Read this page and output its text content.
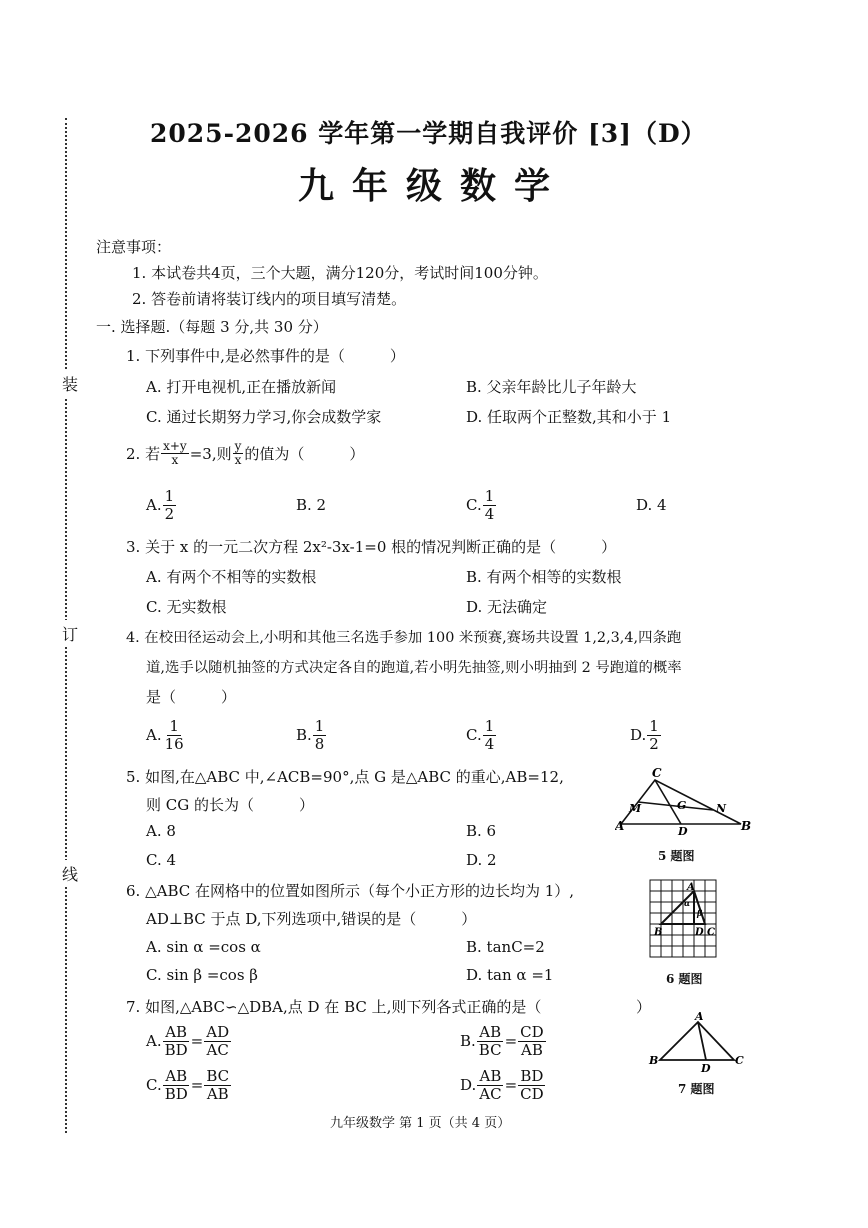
装
订
线
2025-2026 学年第一学期自我评价 [3]（D）
九年级数学
注意事项：
1. 本试卷共4页，三个大题，满分120分，考试时间100分钟。
2. 答卷前请将装订线内的项目填写清楚。
一. 选择题.（每题 3 分,共 30 分）
1. 下列事件中,是必然事件的是（　　　）
A. 打开电视机,正在播放新闻	B. 父亲年龄比儿子年龄大
C. 通过长期努力学习,你会成数学家	D. 任取两个正整数,其和小于 1
2. 若 $\frac{x+y}{x} =3$,则 $\frac{y}{x}$ 的值为（　　　）
A. $\frac{1}{2}$	B. 2	C. $\frac{1}{4}$	D. 4
3. 关于 x 的一元二次方程 2x²-3x-1=0 根的情况判断正确的是（　　　）
A. 有两个不相等的实数根	B. 有两个相等的实数根
C. 无实数根	D. 无法确定
4. 在校田径运动会上,小明和其他三名选手参加 100 米预赛,赛场共设置 1,2,3,4,四条跑
道,选手以随机抽签的方式决定各自的跑道,若小明先抽签,则小明抽到 2 号跑道的概率
是（　　　）
A. $\frac{1}{16}$	B. $\frac{1}{8}$	C. $\frac{1}{4}$	D. $\frac{1}{2}$
5. 如图,在△ABC 中,∠ACB=90°,点 G 是△ABC 的重心,AB=12,
则 CG 的长为（　　　）
A. 8	B. 6
C. 4	D. 2
C
G
M	N
A	D	B
5 题图
6. △ABC 在网格中的位置如图所示（每个小正方形的边长均为 1）,
AD⊥BC 于点 D,下列选项中,错误的是（　　　）
A. sin α =cos α	B. tanC=2
C. sin β =cos β	D. tan α =1
A
α
β
B	D C
6 题图
7. 如图,△ABC∽△DBA,点 D 在 BC 上,则下列各式正确的是（	）
A. $\frac{AB}{BD} = \frac{AD}{AC}$	B. $\frac{AB}{BC} = \frac{CD}{AB}$
C. $\frac{AB}{BD} = \frac{BC}{AB}$	D. $\frac{AB}{AC} = \frac{BD}{CD}$
A
B
D
C
7 题图
九年级数学 第 1 页（共 4 页）
